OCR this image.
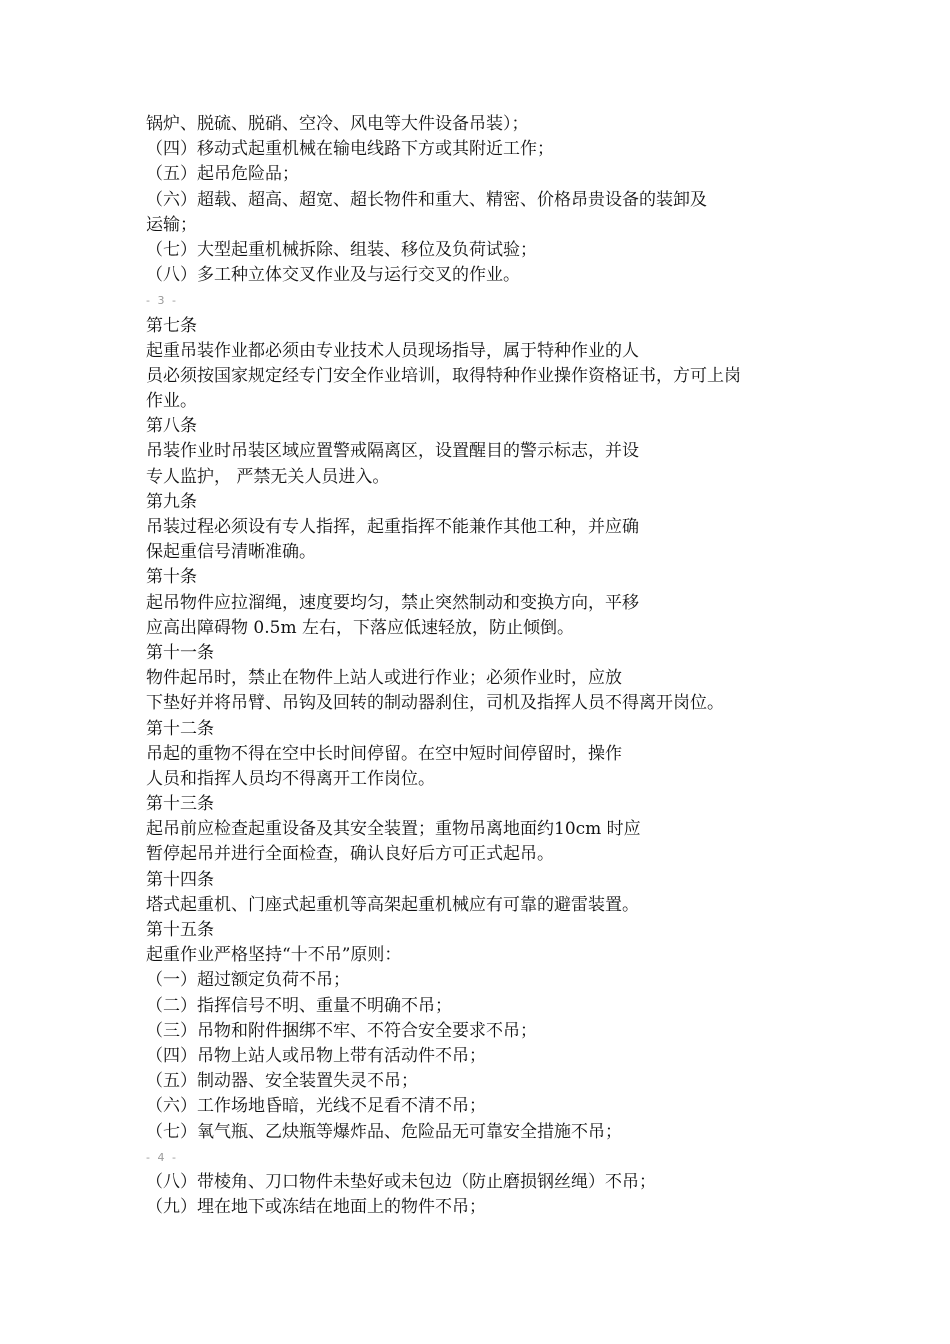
锅炉、脱硫、脱硝、空冷、风电等大件设备吊装）；
（四）移动式起重机械在输电线路下方或其附近工作；
（五）起吊危险品；
（六）超载、超高、超宽、超长物件和重大、精密、价格昂贵设备的装卸及
运输；
（七）大型起重机械拆除、组装、移位及负荷试验；
（八）多工种立体交叉作业及与运行交叉的作业。
- 3 -
第七条
起重吊装作业都必须由专业技术人员现场指导，属于特种作业的人
员必须按国家规定经专门安全作业培训，取得特种作业操作资格证书，方可上岗
作业。
第八条
吊装作业时吊装区域应置警戒隔离区，设置醒目的警示标志，并设
专人监护， 严禁无关人员进入。
第九条
吊装过程必须设有专人指挥，起重指挥不能兼作其他工种，并应确
保起重信号清晰准确。
第十条
起吊物件应拉溜绳，速度要均匀，禁止突然制动和变换方向，平移
应高出障碍物 0.5m 左右，下落应低速轻放，防止倾倒。
第十一条
物件起吊时，禁止在物件上站人或进行作业；必须作业时，应放
下垫好并将吊臂、吊钩及回转的制动器刹住，司机及指挥人员不得离开岗位。
第十二条
吊起的重物不得在空中长时间停留。在空中短时间停留时，操作
人员和指挥人员均不得离开工作岗位。
第十三条
起吊前应检查起重设备及其安全装置；重物吊离地面约10cm 时应
暂停起吊并进行全面检查，确认良好后方可正式起吊。
第十四条
塔式起重机、门座式起重机等高架起重机械应有可靠的避雷装置。
第十五条
起重作业严格坚持“十不吊”原则：
（一）超过额定负荷不吊；
（二）指挥信号不明、重量不明确不吊；
（三）吊物和附件捆绑不牢、不符合安全要求不吊；
（四）吊物上站人或吊物上带有活动件不吊；
（五）制动器、安全装置失灵不吊；
（六）工作场地昏暗，光线不足看不清不吊；
（七）氧气瓶、乙炔瓶等爆炸品、危险品无可靠安全措施不吊；
- 4 -
（八）带棱角、刀口物件未垫好或未包边（防止磨损钢丝绳）不吊；
（九）埋在地下或冻结在地面上的物件不吊；
